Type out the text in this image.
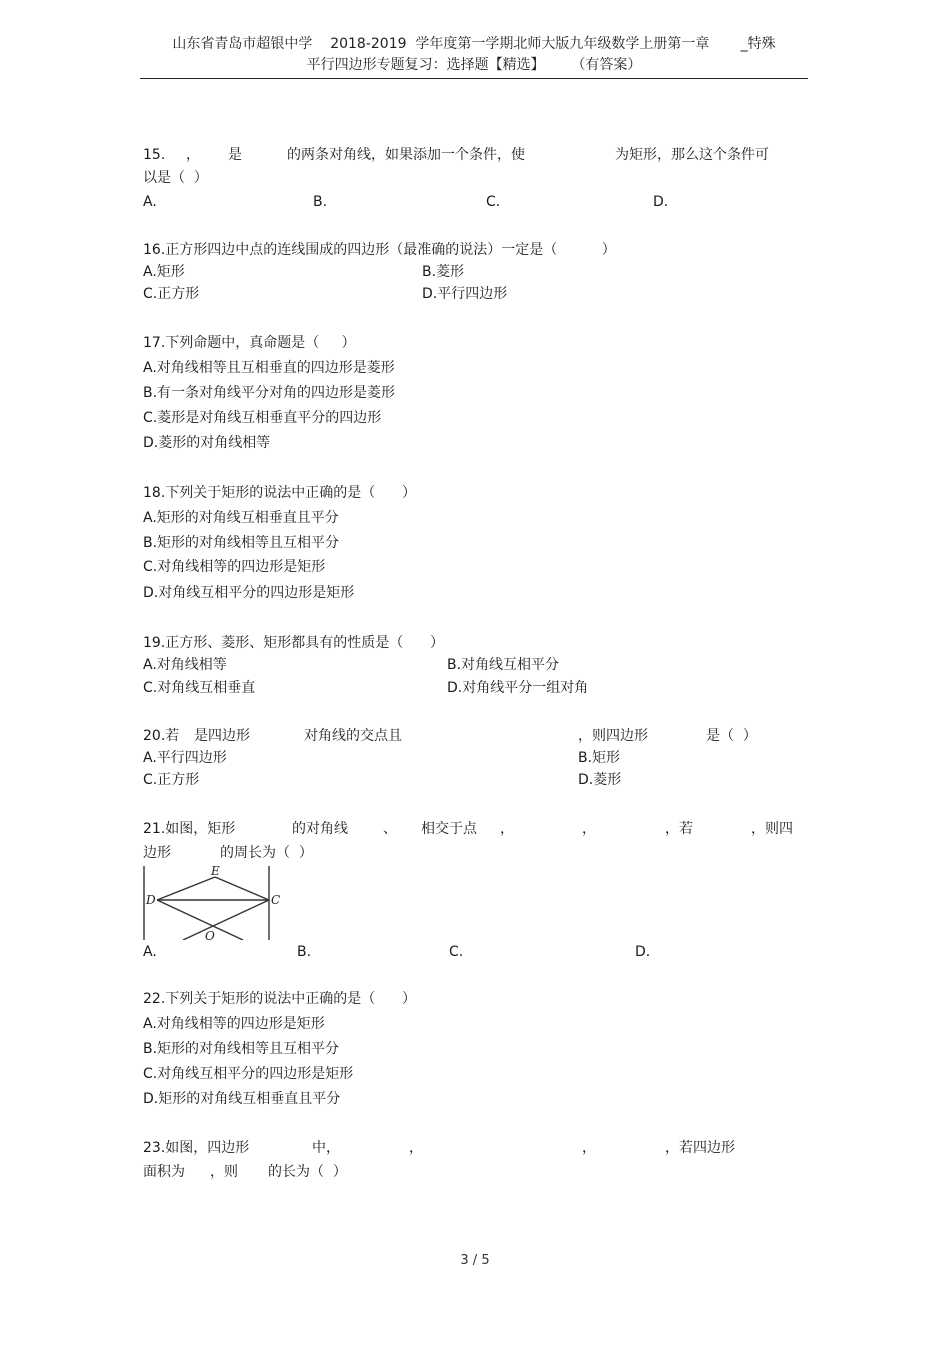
山东省青岛市超银中学    2018-2019  学年度第一学期北师大版九年级数学上册第一章       _特殊
平行四边形专题复习：选择题【精选】      （有答案）
15. ， 是	的两条对角线，如果添加一个条件，使	为矩形，那么这个条件可
以是（  ）
A.	B.	C.	D.
16.正方形四边中点的连线围成的四边形（最准确的说法）一定是（          ）
A.矩形	B.菱形
C.正方形	D.平行四边形
17.下列命题中，真命题是（     ）
A.对角线相等且互相垂直的四边形是菱形
B.有一条对角线平分对角的四边形是菱形
C.菱形是对角线互相垂直平分的四边形
D.菱形的对角线相等
18.下列关于矩形的说法中正确的是（      ）
A.矩形的对角线互相垂直且平分
B.矩形的对角线相等且互相平分
C.对角线相等的四边形是矩形
D.对角线互相平分的四边形是矩形
19.正方形、菱形、矩形都具有的性质是（      ）
A.对角线相等	B.对角线互相平分
C.对角线互相垂直	D.对角线平分一组对角
20.若 是四边形	对角线的交点且	，则四边形	是（  ）
A.平行四边形	B.矩形
C.正方形	D.菱形
21.如图，矩形	的对角线	、 相交于点 ，	，	，若	，则四
边形	的周长为（  ）
E
D	C
O
A.	B.	C.	D.
22.下列关于矩形的说法中正确的是（      ）
A.对角线相等的四边形是矩形
B.矩形的对角线相等且互相平分
C.对角线互相平分的四边形是矩形
D.矩形的对角线互相垂直且平分
23.如图，四边形	中，	，	，	，若四边形
面积为 ，则 的长为（  ）
3 / 5
